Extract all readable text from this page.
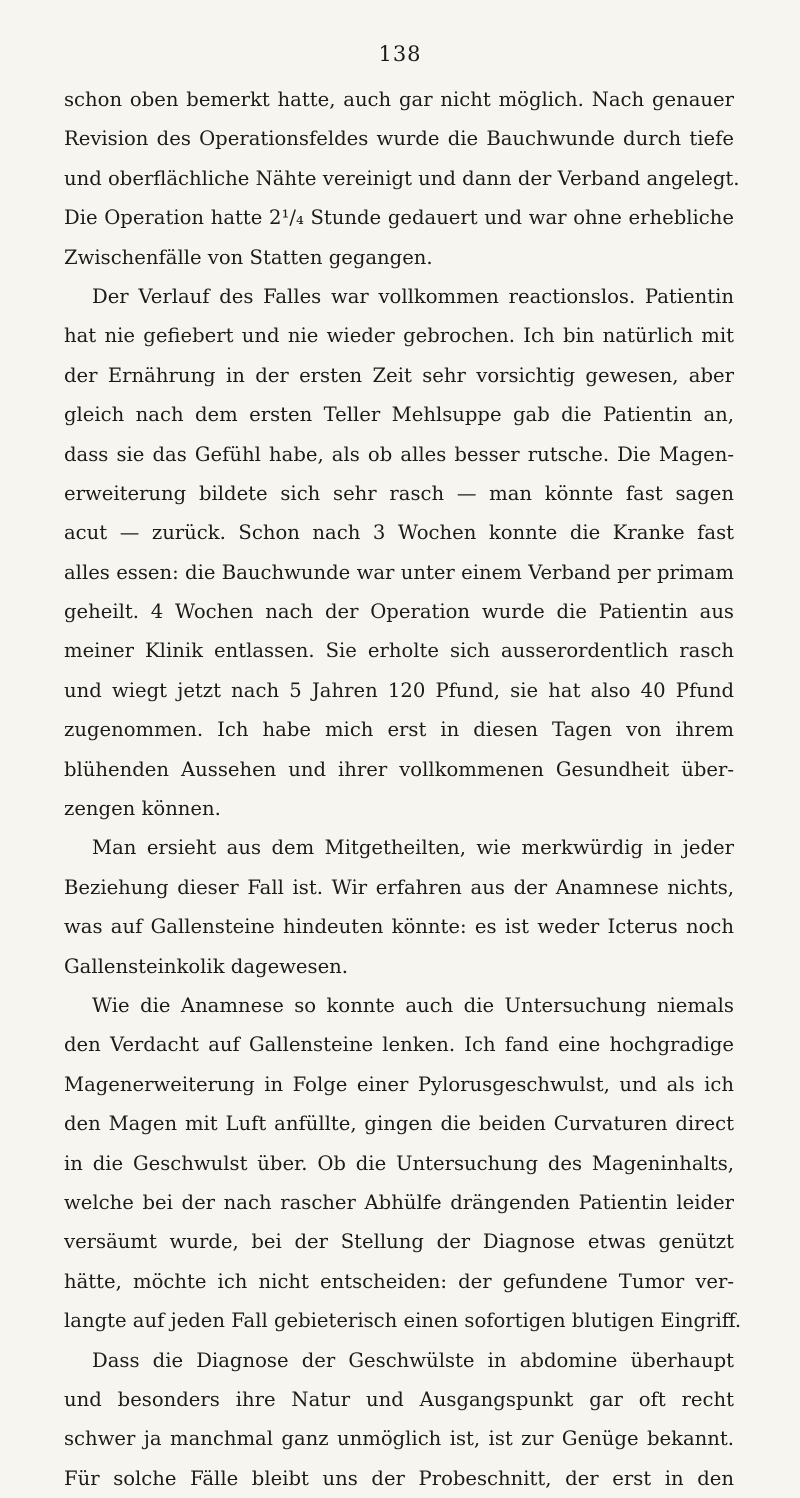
138
schon oben bemerkt hatte, auch gar nicht möglich. Nach genauer
Revision des Operationsfeldes wurde die Bauchwunde durch tiefe
und oberflächliche Nähte vereinigt und dann der Verband angelegt.
Die Operation hatte 2¹/₄ Stunde gedauert und war ohne erhebliche
Zwischenfälle von Statten gegangen.
Der Verlauf des Falles war vollkommen reactionslos. Patientin
hat nie gefiebert und nie wieder gebrochen. Ich bin natürlich mit
der Ernährung in der ersten Zeit sehr vorsichtig gewesen, aber
gleich nach dem ersten Teller Mehlsuppe gab die Patientin an,
dass sie das Gefühl habe, als ob alles besser rutsche. Die Magen-
erweiterung bildete sich sehr rasch — man könnte fast sagen
acut — zurück. Schon nach 3 Wochen konnte die Kranke fast
alles essen: die Bauchwunde war unter einem Verband per primam
geheilt. 4 Wochen nach der Operation wurde die Patientin aus
meiner Klinik entlassen. Sie erholte sich ausserordentlich rasch
und wiegt jetzt nach 5 Jahren 120 Pfund, sie hat also 40 Pfund
zugenommen. Ich habe mich erst in diesen Tagen von ihrem
blühenden Aussehen und ihrer vollkommenen Gesundheit über-
zengen können.
Man ersieht aus dem Mitgetheilten, wie merkwürdig in jeder
Beziehung dieser Fall ist. Wir erfahren aus der Anamnese nichts,
was auf Gallensteine hindeuten könnte: es ist weder Icterus noch
Gallensteinkolik dagewesen.
Wie die Anamnese so konnte auch die Untersuchung niemals
den Verdacht auf Gallensteine lenken. Ich fand eine hochgradige
Magenerweiterung in Folge einer Pylorusgeschwulst, und als ich
den Magen mit Luft anfüllte, gingen die beiden Curvaturen direct
in die Geschwulst über. Ob die Untersuchung des Mageninhalts,
welche bei der nach rascher Abhülfe drängenden Patientin leider
versäumt wurde, bei der Stellung der Diagnose etwas genützt
hätte, möchte ich nicht entscheiden: der gefundene Tumor ver-
langte auf jeden Fall gebieterisch einen sofortigen blutigen Eingriff.
Dass die Diagnose der Geschwülste in abdomine überhaupt
und besonders ihre Natur und Ausgangspunkt gar oft recht
schwer ja manchmal ganz unmöglich ist, ist zur Genüge bekannt.
Für solche Fälle bleibt uns der Probeschnitt, der erst in den
